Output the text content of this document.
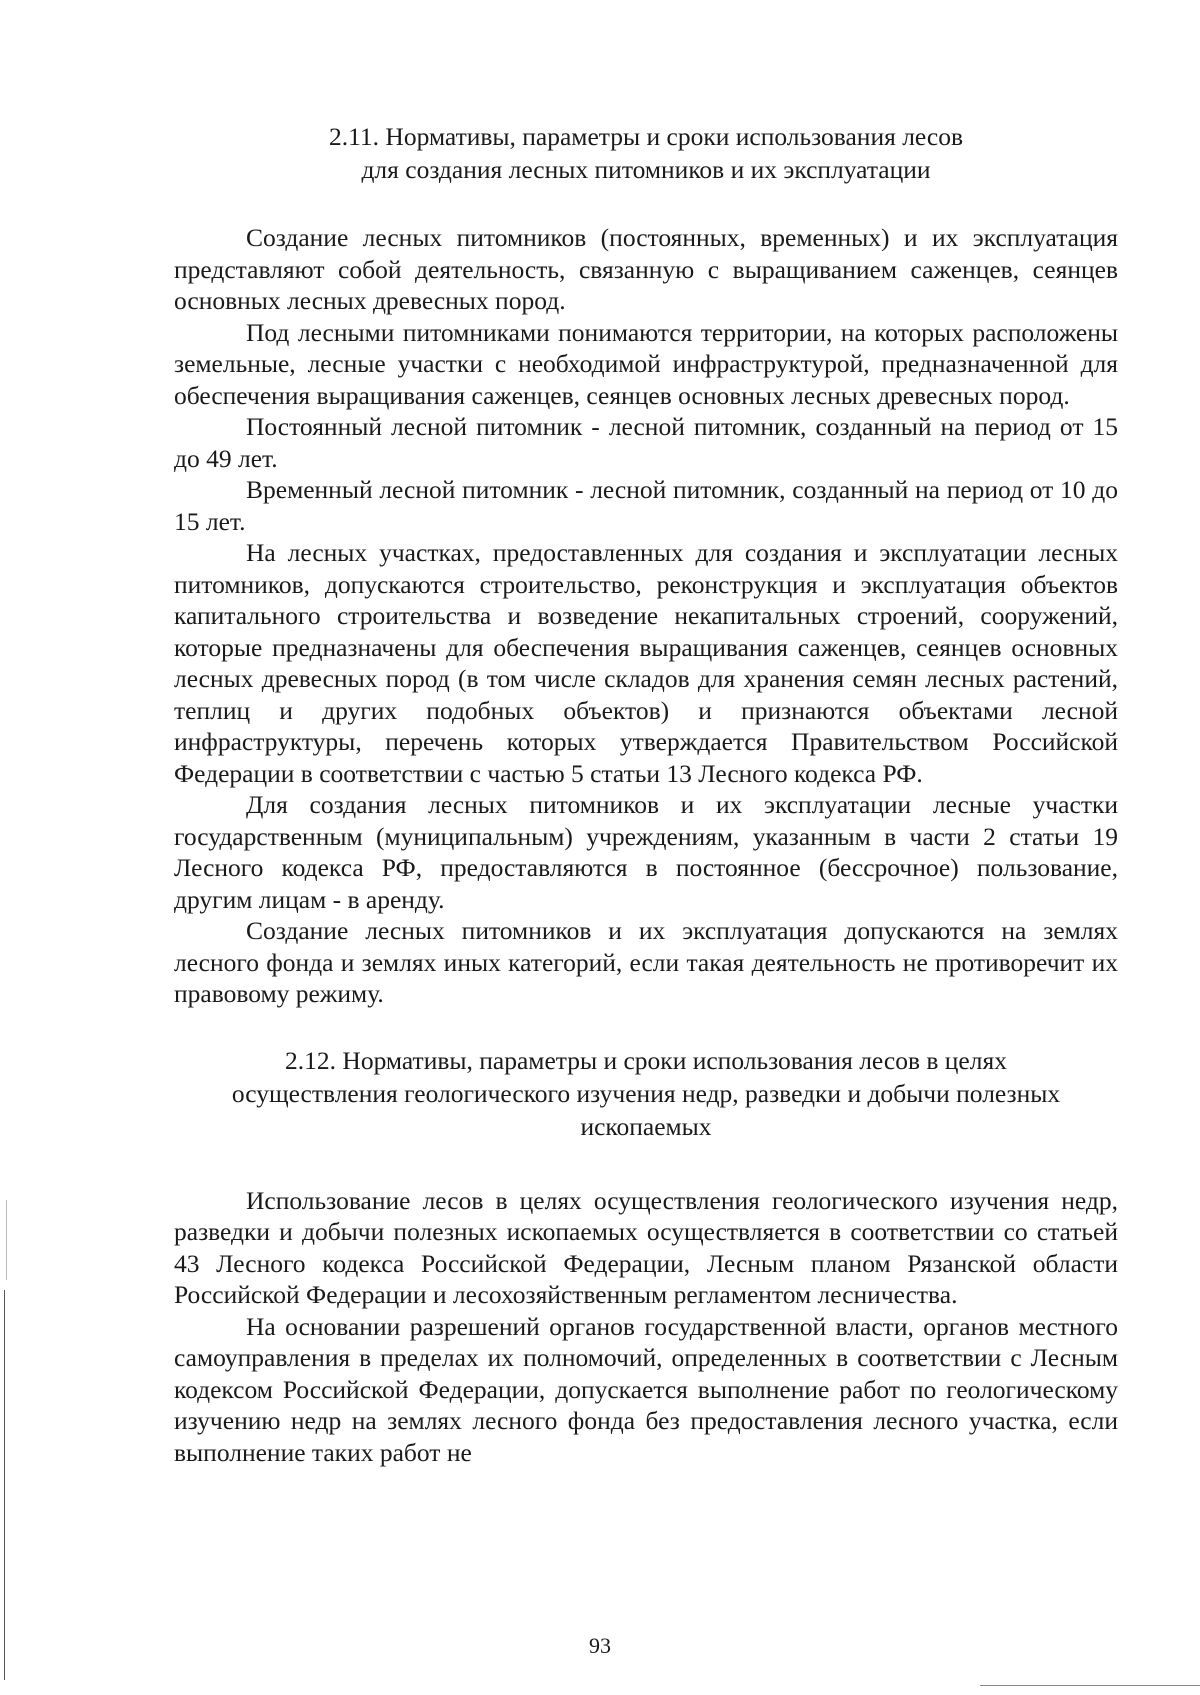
2.11. Нормативы, параметры и сроки использования лесов
для создания лесных питомников и их эксплуатации

Создание лесных питомников (постоянных, временных) и их эксплуатация представляют собой деятельность, связанную с выращиванием саженцев, сеянцев основных лесных древесных пород.

Под лесными питомниками понимаются территории, на которых расположены земельные, лесные участки с необходимой инфраструктурой, предназначенной для обеспечения выращивания саженцев, сеянцев основных лесных древесных пород.

Постоянный лесной питомник - лесной питомник, созданный на период от 15 до 49 лет.

Временный лесной питомник - лесной питомник, созданный на период от 10 до 15 лет.

На лесных участках, предоставленных для создания и эксплуатации лесных питомников, допускаются строительство, реконструкция и эксплуатация объектов капитального строительства и возведение некапитальных строений, сооружений, которые предназначены для обеспечения выращивания саженцев, сеянцев основных лесных древесных пород (в том числе складов для хранения семян лесных растений, теплиц и других подобных объектов) и признаются объектами лесной инфраструктуры, перечень которых утверждается Правительством Российской Федерации в соответствии с частью 5 статьи 13 Лесного кодекса РФ.

Для создания лесных питомников и их эксплуатации лесные участки государственным (муниципальным) учреждениям, указанным в части 2 статьи 19 Лесного кодекса РФ, предоставляются в постоянное (бессрочное) пользование, другим лицам - в аренду.

Создание лесных питомников и их эксплуатация допускаются на землях лесного фонда и землях иных категорий, если такая деятельность не противоречит их правовому режиму.

2.12. Нормативы, параметры и сроки использования лесов в целях
осуществления геологического изучения недр, разведки и добычи полезных
ископаемых

Использование лесов в целях осуществления геологического изучения недр, разведки и добычи полезных ископаемых осуществляется в соответствии со статьей 43 Лесного кодекса Российской Федерации, Лесным планом Рязанской области Российской Федерации и лесохозяйственным регламентом лесничества.

На основании разрешений органов государственной власти, органов местного самоуправления в пределах их полномочий, определенных в соответствии с Лесным кодексом Российской Федерации, допускается выполнение работ по геологическому изучению недр на землях лесного фонда без предоставления лесного участка, если выполнение таких работ не

93
